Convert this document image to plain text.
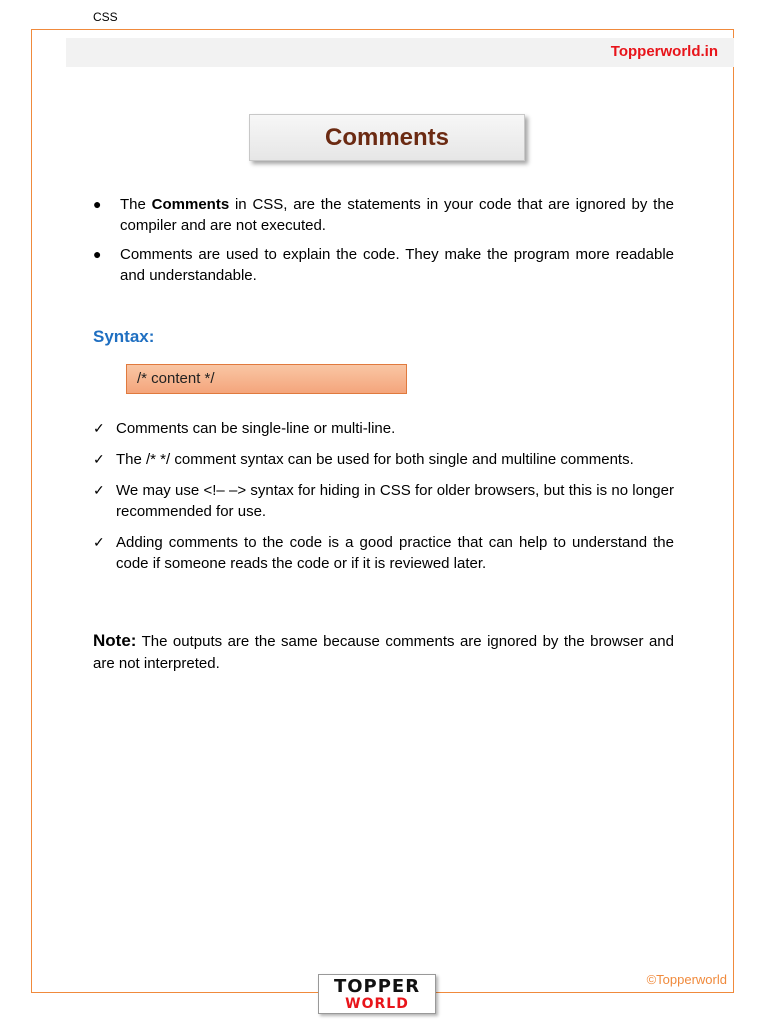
CSS
Topperworld.in
Comments
● The Comments in CSS, are the statements in your code that are ignored by the compiler and are not executed.
● Comments are used to explain the code. They make the program more readable and understandable.
Syntax:
/* content */
✓ Comments can be single-line or multi-line.
✓ The /* */ comment syntax can be used for both single and multiline comments.
✓ We may use <!– –> syntax for hiding in CSS for older browsers, but this is no longer recommended for use.
✓ Adding comments to the code is a good practice that can help to understand the code if someone reads the code or if it is reviewed later.
Note: The outputs are the same because comments are ignored by the browser and are not interpreted.
©Topperworld
TOPPER
WORLD
